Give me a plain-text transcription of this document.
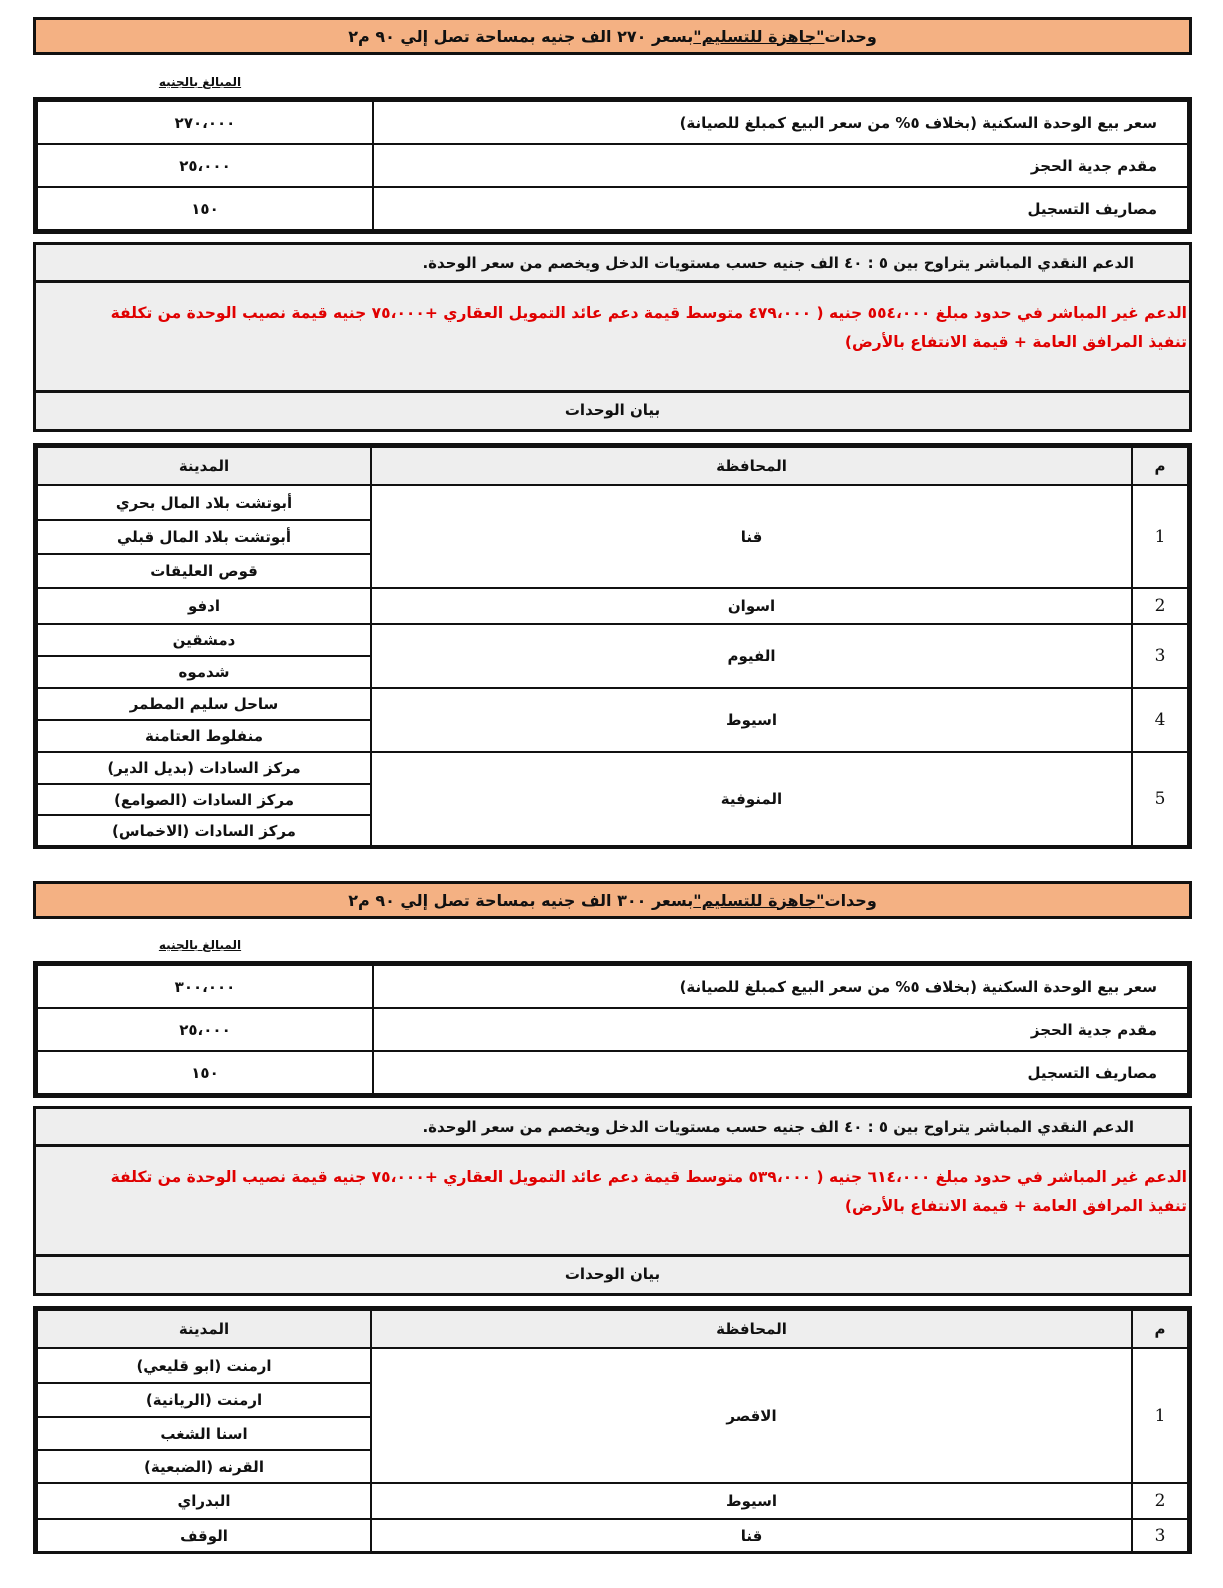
وحدات
"جاهزة للتسليم"
بسعر ٢٧٠ الف جنيه بمساحة تصل إلي ٩٠ م٢
المبالغ بالجنيه
سعر بيع الوحدة السكنية (بخلاف ٥% من سعر البيع كمبلغ للصيانة)	٢٧٠،٠٠٠
مقدم جدية الحجز	٢٥،٠٠٠
مصاريف التسجيل	١٥٠
الدعم النقدي المباشر يتراوح بين ٥ : ٤٠ الف جنيه حسب مستويات الدخل ويخصم من سعر الوحدة.
الدعم غير المباشر في حدود مبلغ ٥٥٤،٠٠٠ جنيه ( ٤٧٩،٠٠٠ متوسط قيمة دعم عائد التمويل العقاري +٧٥،٠٠٠ جنيه قيمة نصيب الوحدة من تكلفة تنفيذ المرافق العامة + قيمة الانتفاع بالأرض)
بيان الوحدات
م	المحافظة	المدينة
1	قنا	أبوتشت بلاد المال بحري
		أبوتشت بلاد المال قبلي
		قوص العليقات
2	اسوان	ادفو
3	الفيوم	دمشقين
		شدموه
4	اسيوط	ساحل سليم المطمر
		منفلوط العتامنة
5	المنوفية	مركز السادات (بديل الدير)
		مركز السادات (الصوامع)
		مركز السادات (الاخماس)
وحدات
"جاهزة للتسليم"
بسعر ٣٠٠ الف جنيه بمساحة تصل إلي ٩٠ م٢
المبالغ بالجنيه
سعر بيع الوحدة السكنية (بخلاف ٥% من سعر البيع كمبلغ للصيانة)	٣٠٠،٠٠٠
مقدم جدية الحجز	٢٥،٠٠٠
مصاريف التسجيل	١٥٠
الدعم النقدي المباشر يتراوح بين ٥ : ٤٠ الف جنيه حسب مستويات الدخل ويخصم من سعر الوحدة.
الدعم غير المباشر في حدود مبلغ ٦١٤،٠٠٠ جنيه ( ٥٣٩،٠٠٠ متوسط قيمة دعم عائد التمويل العقاري +٧٥،٠٠٠ جنيه قيمة نصيب الوحدة من تكلفة تنفيذ المرافق العامة + قيمة الانتفاع بالأرض)
بيان الوحدات
م	المحافظة	المدينة
1	الاقصر	ارمنت (ابو قليعي)
		ارمنت (الريانية)
		اسنا الشغب
		القرنه (الضبعية)
2	اسيوط	البدراي
3	قنا	الوقف
